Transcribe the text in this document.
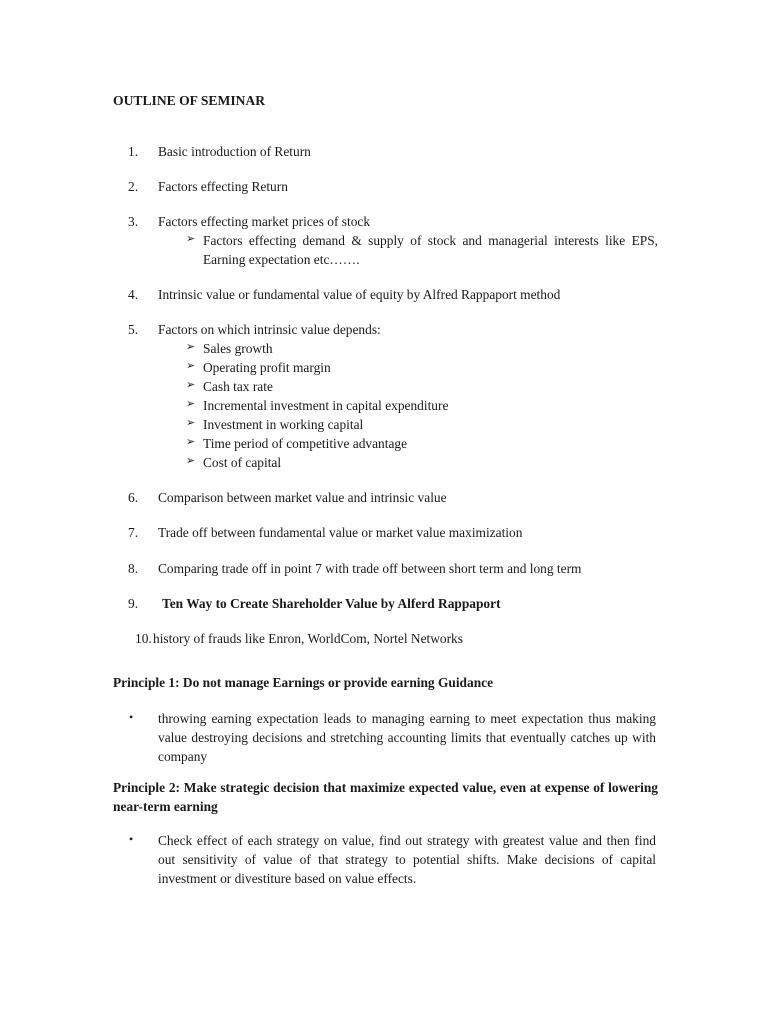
OUTLINE OF SEMINAR
1.	Basic introduction of Return
2.	Factors effecting Return
3.	Factors effecting market prices of stock
➢ Factors effecting demand & supply of stock and managerial interests like EPS, Earning expectation etc…….
4.	Intrinsic value or fundamental value of equity by Alfred Rappaport method
5.	Factors on which intrinsic value depends:
➢ Sales growth
➢ Operating profit margin
➢ Cash tax rate
➢ Incremental investment in capital expenditure
➢ Investment in working capital
➢ Time period of competitive advantage
➢ Cost of capital
6.	Comparison between market value and intrinsic value
7.	Trade off between fundamental value or market value maximization
8.	Comparing trade off in point 7 with trade off between short term and long term
9.	Ten Way to Create Shareholder Value by Alferd Rappaport
10. history of frauds like Enron, WorldCom, Nortel Networks

Principle 1: Do not manage Earnings or provide earning Guidance

•	throwing earning expectation leads to managing earning to meet expectation thus making value destroying decisions and stretching accounting limits that eventually catches up with company

Principle 2: Make strategic decision that maximize expected value, even at expense of lowering near-term earning

•	Check effect of each strategy on value, find out strategy with greatest value and then find out sensitivity of value of that strategy to potential shifts. Make decisions of capital investment or divestiture based on value effects.
